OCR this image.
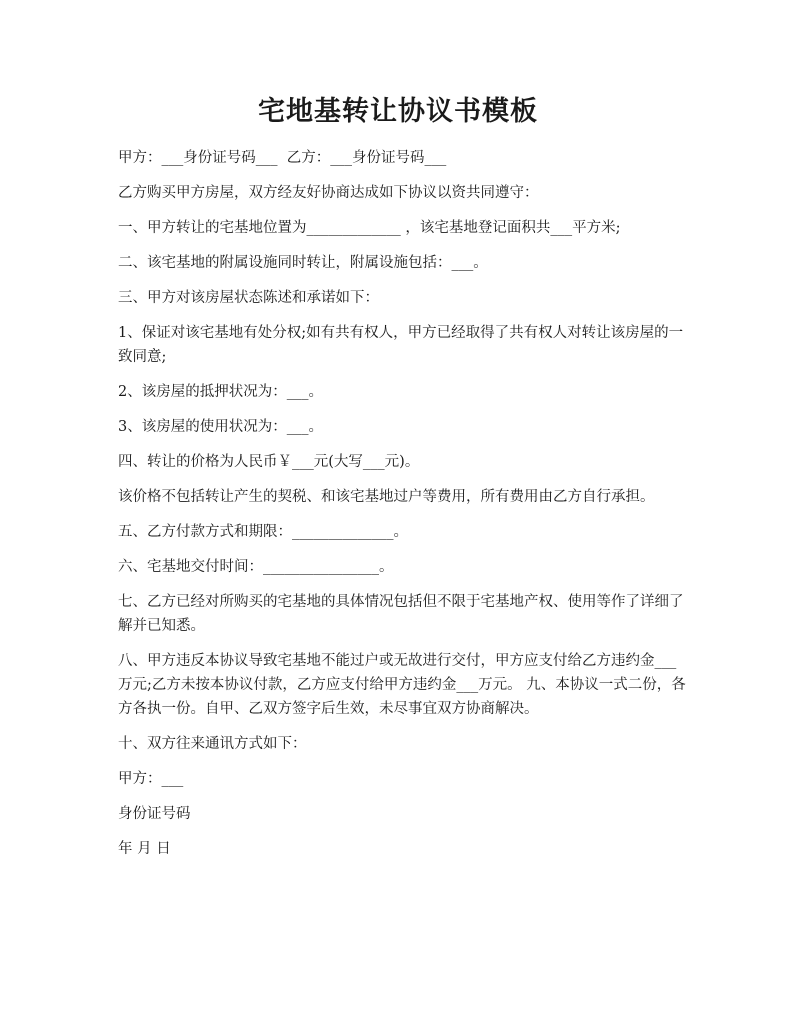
宅地基转让协议书模板

甲方：___身份证号码___  乙方：___身份证号码___

乙方购买甲方房屋，双方经友好协商达成如下协议以资共同遵守：

一、甲方转让的宅基地位置为_____________ ，该宅基地登记面积共___平方米;

二、该宅基地的附属设施同时转让，附属设施包括：___。

三、甲方对该房屋状态陈述和承诺如下：

1、保证对该宅基地有处分权;如有共有权人，甲方已经取得了共有权人对转让该房屋的一致同意;

2、该房屋的抵押状况为：___。

3、该房屋的使用状况为：___。

四、转让的价格为人民币￥___元(大写___元)。

该价格不包括转让产生的契税、和该宅基地过户等费用，所有费用由乙方自行承担。

五、乙方付款方式和期限：______________。

六、宅基地交付时间：________________。

七、乙方已经对所购买的宅基地的具体情况包括但不限于宅基地产权、使用等作了详细了解并已知悉。

八、甲方违反本协议导致宅基地不能过户或无故进行交付，甲方应支付给乙方违约金___万元;乙方未按本协议付款，乙方应支付给甲方违约金___万元。 九、本协议一式二份，各方各执一份。自甲、乙双方签字后生效，未尽事宜双方协商解决。

十、双方往来通讯方式如下：

甲方：___

身份证号码

年 月 日
